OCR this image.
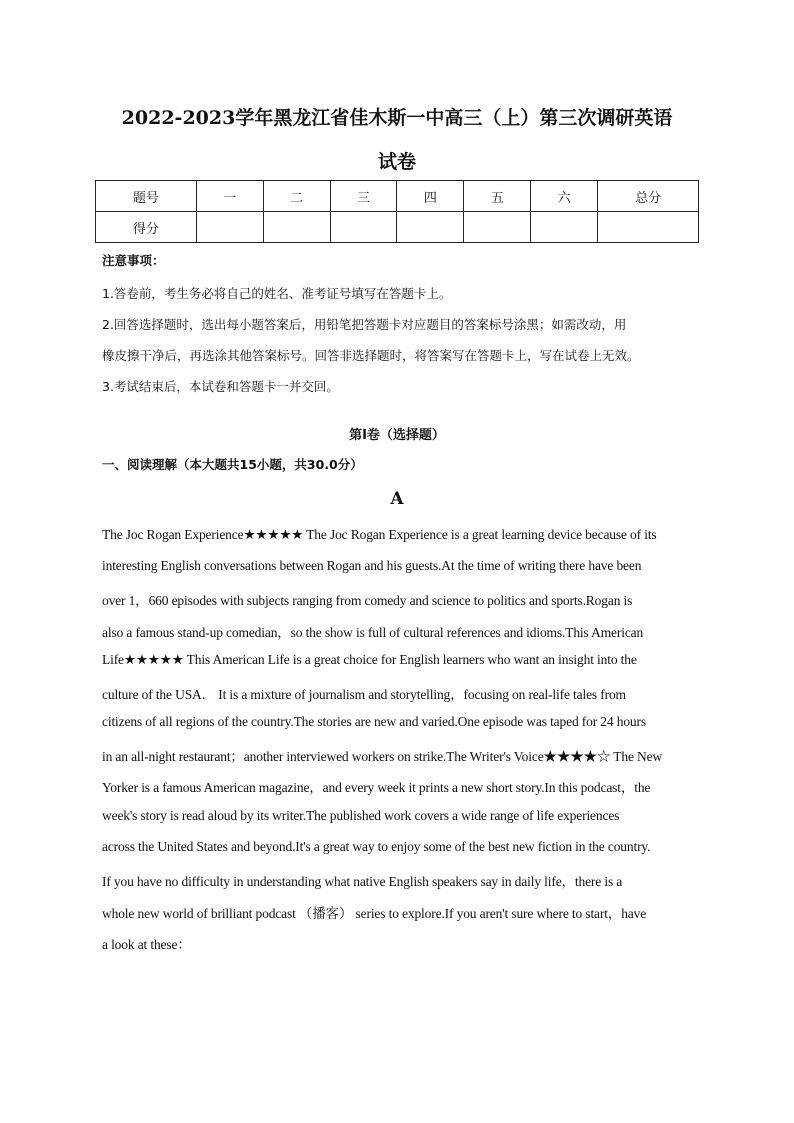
2022-2023学年黑龙江省佳木斯一中高三（上）第三次调研英语
试卷
题号	一	二	三	四	五	六	总分
得分							
注意事项：
1.答卷前，考生务必将自己的姓名、准考证号填写在答题卡上。
2.回答选择题时，选出每小题答案后，用铅笔把答题卡对应题目的答案标号涂黑；如需改动，用
橡皮擦干净后，再选涂其他答案标号。回答非选择题时，将答案写在答题卡上，写在试卷上无效。
3.考试结束后，本试卷和答题卡一并交回。
第Ⅰ卷（选择题）
一、阅读理解（本大题共15小题，共30.0分）
A
The Joc Rogan Experience★★★★★ The Joc Rogan Experience is a great learning device because of its
interesting English conversations between Rogan and his guests.At the time of writing there have been
over 1，660 episodes with subjects ranging from comedy and science to politics and sports.Rogan is
also a famous stand-up comedian，so the show is full of cultural references and idioms.This American
Life★★★★★ This American Life is a great choice for English learners who want an insight into the
culture of the USA． It is a mixture of journalism and storytelling，focusing on real-life tales from
citizens of all regions of the country.The stories are new and varied.One episode was taped for 24 hours
in an all-night restaurant；another interviewed workers on strike.The Writer's Voice★★★★☆ The New
Yorker is a famous American magazine，and every week it prints a new short story.In this podcast，the
week's story is read aloud by its writer.The published work covers a wide range of life experiences
across the United States and beyond.It's a great way to enjoy some of the best new fiction in the country.
If you have no difficulty in understanding what native English speakers say in daily life，there is a
whole new world of brilliant podcast （播客） series to explore.If you aren't sure where to start，have
a look at these：
